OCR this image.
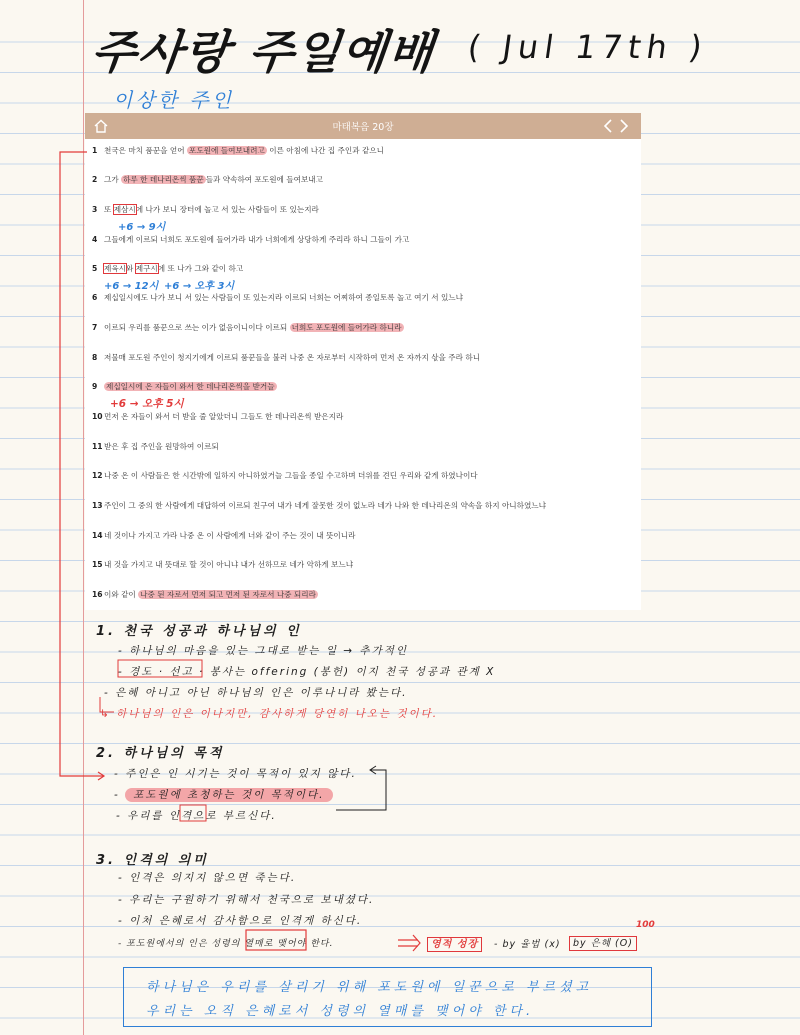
주사랑 주일예배 ( Jul 17th )
이상한 주인
마태복음 20장
1 천국은 마치 품꾼을 얻어 포도원에 들여보내려고 이른 아침에 나간 집 주인과 같으니
2 그가 하루 한 데나리온씩 품꾼 들과 약속하여 포도원에 들여보내고
3 또 제삼시에 나가 보니 장터에 놀고 서 있는 사람들이 또 있는지라
4 그들에게 이르되 너희도 포도원에 들어가라 내가 너희에게 상당하게 주리라 하니 그들이 가고
5 제육시와 제구시에 또 나가 그와 같이 하고
6 제십일시에도 나가 보니 서 있는 사람들이 또 있는지라 이르되 너희는 어찌하여 종일토록 놀고 여기 서 있느냐
7 이르되 우리를 품꾼으로 쓰는 이가 없음이니이다 이르되 너희도 포도원에 들어가라 하니라
8 저물매 포도원 주인이 청지기에게 이르되 품꾼들을 불러 나중 온 자로부터 시작하여 먼저 온 자까지 삯을 주라 하니
9 제십일시에 온 자들이 와서 한 데나리온씩을 받거늘
10먼저 온 자들이 와서 더 받을 줄 알았더니 그들도 한 데나리온씩 받은지라
11받은 후 집 주인을 원망하여 이르되
12나중 온 이 사람들은 한 시간밖에 일하지 아니하였거늘 그들을 종일 수고하며 더위를 견딘 우리와 같게 하였나이다
13주인이 그 중의 한 사람에게 대답하여 이르되 친구여 내가 네게 잘못한 것이 없노라 네가 나와 한 데나리온의 약속을 하지 아니하였느냐
14네 것이나 가지고 가라 나중 온 이 사람에게 너와 같이 주는 것이 내 뜻이니라
15내 것을 가지고 내 뜻대로 할 것이 아니냐 내가 선하므로 네가 악하게 보느냐
16이와 같이 나중 된 자로서 먼저 되고 먼저 된 자로서 나중 되리라
+6 → 9시
+6 → 12시 +6 → 오후 3시
+6 → 오후 5시
1. 천국 성공과 하나님의 인
- 하나님의 마음을 있는 그대로 받는 일 → 추가적인
- 경도 · 선고 · 봉사는 offering (봉헌) 이지 천국 성공과 관계 X
- 은혜 아니고 아닌 하나님의 인은 이루나니라 봤는다.
↳ 하나님의 인은 이나지만, 감사하게 당연히 나오는 것이다.
2. 하나님의 목적
- 주인은 인 시기는 것이 목적이 있지 않다.
- 포도원에 초청하는 것이 목적이다.
- 우리를 인격으로 부르신다.
3. 인격의 의미
- 인격은 의지지 않으면 죽는다.
- 우리는 구원하기 위해서 천국으로 보내셨다.
- 이처 은혜로서 감사함으로 인격게 하신다.
- 포도원에서의 인은 성령의 열매로 맺어야 한다.	영적 성장	- by 율법 (x)	by 은혜 (O)
100
하나님은 우리를 살리기 위해 포도원에 일꾼으로 부르셨고
우리는 오직 은혜로서 성령의 열매를 맺어야 한다.
